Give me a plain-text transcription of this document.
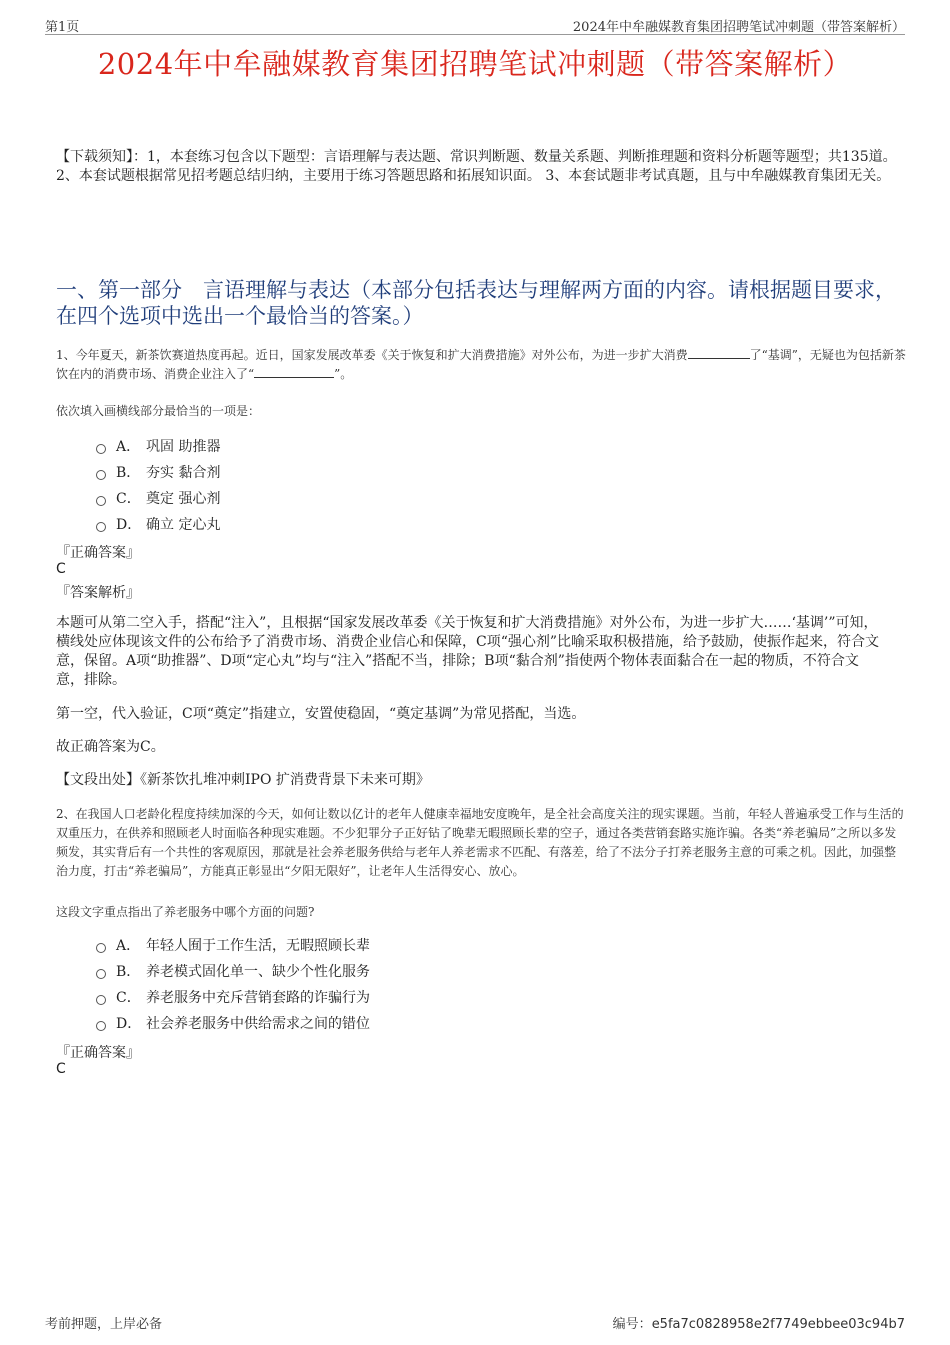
第1页	2024年中牟融媒教育集团招聘笔试冲刺题（带答案解析）
2024年中牟融媒教育集团招聘笔试冲刺题（带答案解析）
【下载须知】：1，本套练习包含以下题型：言语理解与表达题、常识判断题、数量关系题、判断推理题和资料分析题等题型；共135道。 2、本套试题根据常见招考题总结归纳，主要用于练习答题思路和拓展知识面。 3、本套试题非考试真题，且与中牟融媒教育集团无关。
一、第一部分　言语理解与表达（本部分包括表达与理解两方面的内容。请根据题目要求，在四个选项中选出一个最恰当的答案。）
1、今年夏天，新茶饮赛道热度再起。近日，国家发展改革委《关于恢复和扩大消费措施》对外公布，为进一步扩大消费	了“基调”，无疑也为包括新茶饮在内的消费市场、消费企业注入了“	”。
依次填入画横线部分最恰当的一项是：
A． 巩固 助推器
B． 夯实 黏合剂
C． 奠定 强心剂
D． 确立 定心丸
『正确答案』
C
『答案解析』
本题可从第二空入手，搭配“注入”，且根据“国家发展改革委《关于恢复和扩大消费措施》对外公布，为进一步扩大……‘基调’”可知，横线处应体现该文件的公布给予了消费市场、消费企业信心和保障，C项“强心剂”比喻采取积极措施，给予鼓励，使振作起来，符合文意，保留。A项“助推器”、D项“定心丸”均与“注入”搭配不当，排除；B项“黏合剂”指使两个物体表面黏合在一起的物质，不符合文意，排除。
第一空，代入验证，C项“奠定”指建立，安置使稳固，“奠定基调”为常见搭配，当选。
故正确答案为C。
【文段出处】《新茶饮扎堆冲刺IPO 扩消费背景下未来可期》
2、在我国人口老龄化程度持续加深的今天，如何让数以亿计的老年人健康幸福地安度晚年，是全社会高度关注的现实课题。当前，年轻人普遍承受工作与生活的双重压力，在供养和照顾老人时面临各种现实难题。不少犯罪分子正好钻了晚辈无暇照顾长辈的空子，通过各类营销套路实施诈骗。各类“养老骗局”之所以多发频发，其实背后有一个共性的客观原因，那就是社会养老服务供给与老年人养老需求不匹配、有落差，给了不法分子打养老服务主意的可乘之机。因此，加强整治力度，打击“养老骗局”，方能真正彰显出“夕阳无限好”，让老年人生活得安心、放心。
这段文字重点指出了养老服务中哪个方面的问题?
A． 年轻人囿于工作生活，无暇照顾长辈
B． 养老模式固化单一、缺少个性化服务
C． 养老服务中充斥营销套路的诈骗行为
D． 社会养老服务中供给需求之间的错位
『正确答案』
C
考前押题，上岸必备	编号：e5fa7c0828958e2f7749ebbee03c94b7
